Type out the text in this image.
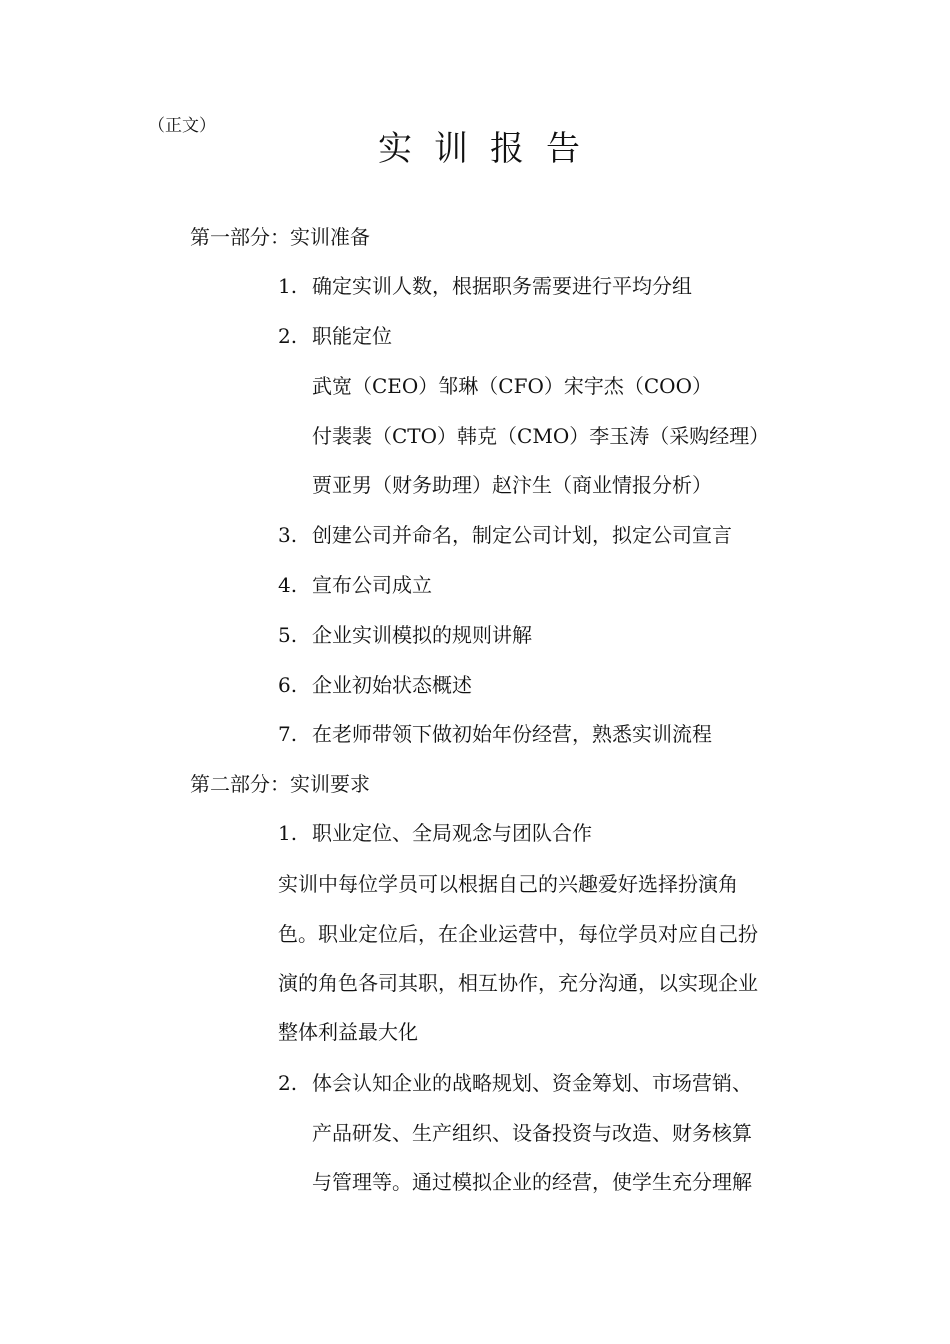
（正文）
实训报告
第一部分：实训准备
1. 确定实训人数，根据职务需要进行平均分组
2. 职能定位
武宽（CEO）邹琳（CFO）宋宇杰（COO）
付裴裴（CTO）韩克（CMO）李玉涛（采购经理）
贾亚男（财务助理）赵汴生（商业情报分析）
3. 创建公司并命名，制定公司计划，拟定公司宣言
4. 宣布公司成立
5. 企业实训模拟的规则讲解
6. 企业初始状态概述
7. 在老师带领下做初始年份经营，熟悉实训流程
第二部分：实训要求
1. 职业定位、全局观念与团队合作
实训中每位学员可以根据自己的兴趣爱好选择扮演角
色。职业定位后，在企业运营中，每位学员对应自己扮
演的角色各司其职，相互协作，充分沟通，以实现企业
整体利益最大化
2. 体会认知企业的战略规划、资金筹划、市场营销、
产品研发、生产组织、设备投资与改造、财务核算
与管理等。通过模拟企业的经营，使学生充分理解
